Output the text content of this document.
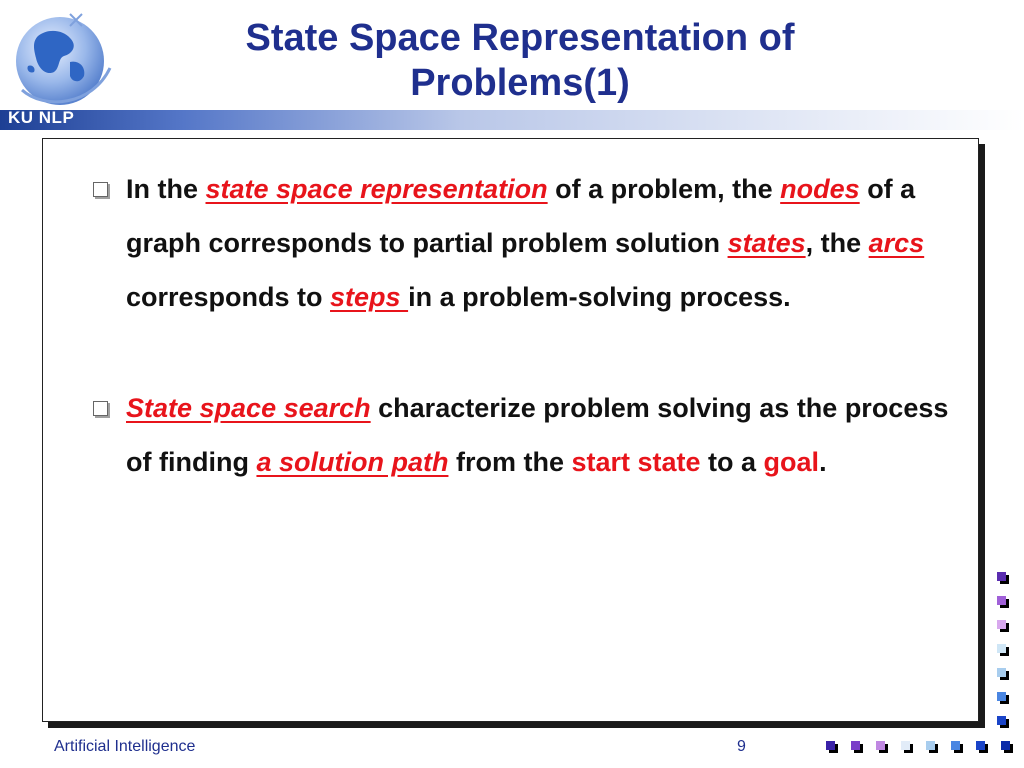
KU NLP
State Space Representation of
Problems(1)
In the state space representation of a problem, the nodes of a graph corresponds to partial problem solution states, the arcs corresponds to steps in a problem-solving process.
State space search characterize problem solving as the process of finding a solution path from the start state to a goal.
Artificial Intelligence	9
